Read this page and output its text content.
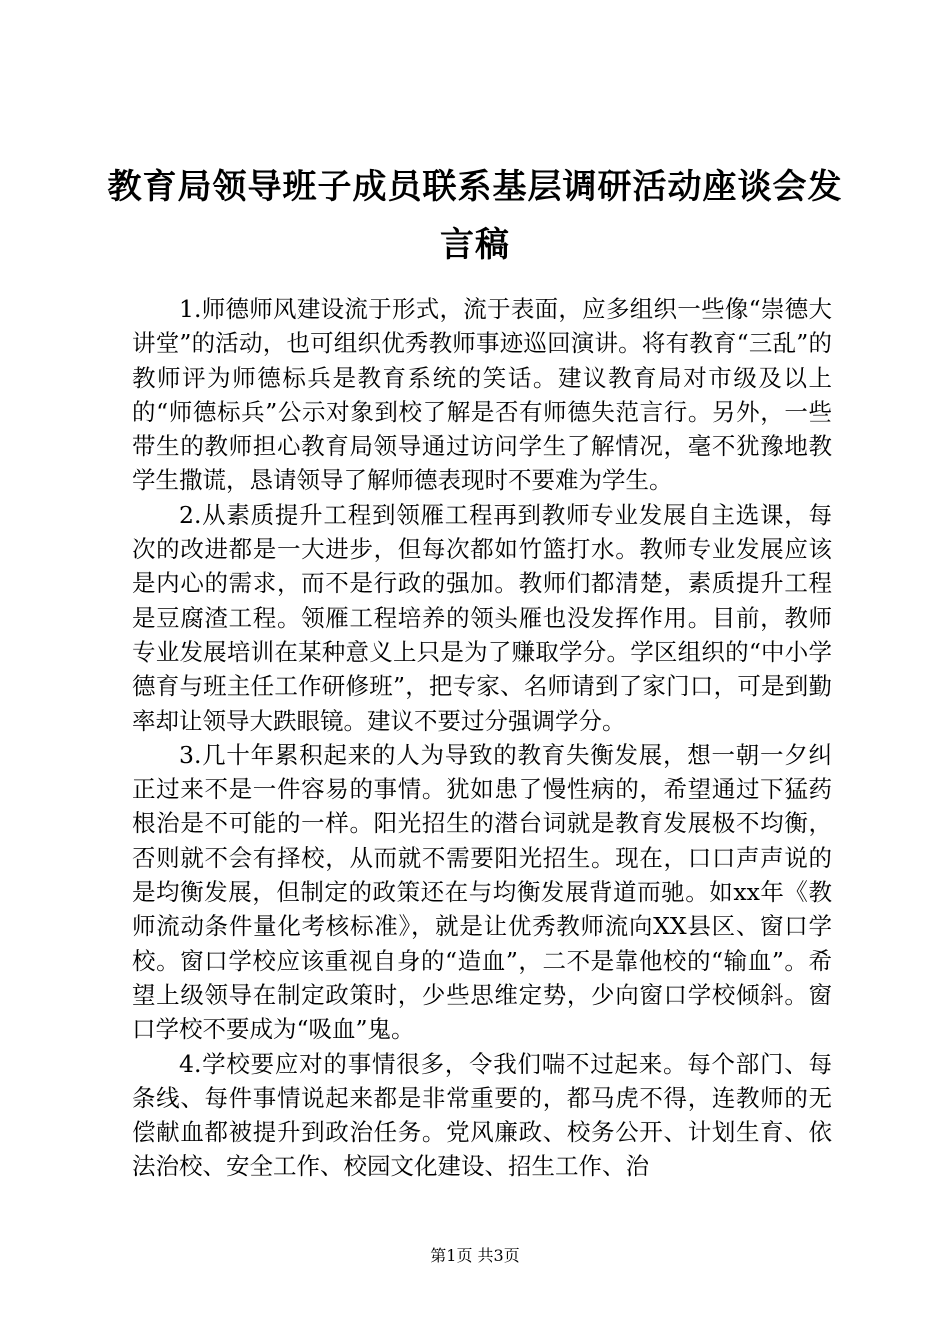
教育局领导班子成员联系基层调研活动座谈会发言稿

1.师德师风建设流于形式，流于表面，应多组织一些像“崇德大讲堂”的活动，也可组织优秀教师事迹巡回演讲。将有教育“三乱”的教师评为师德标兵是教育系统的笑话。建议教育局对市级及以上的“师德标兵”公示对象到校了解是否有师德失范言行。另外，一些带生的教师担心教育局领导通过访问学生了解情况，毫不犹豫地教学生撒谎，恳请领导了解师德表现时不要难为学生。

2.从素质提升工程到领雁工程再到教师专业发展自主选课，每次的改进都是一大进步，但每次都如竹篮打水。教师专业发展应该是内心的需求，而不是行政的强加。教师们都清楚，素质提升工程是豆腐渣工程。领雁工程培养的领头雁也没发挥作用。目前，教师专业发展培训在某种意义上只是为了赚取学分。学区组织的“中小学德育与班主任工作研修班”，把专家、名师请到了家门口，可是到勤率却让领导大跌眼镜。建议不要过分强调学分。

3.几十年累积起来的人为导致的教育失衡发展，想一朝一夕纠正过来不是一件容易的事情。犹如患了慢性病的，希望通过下猛药根治是不可能的一样。阳光招生的潜台词就是教育发展极不均衡，否则就不会有择校，从而就不需要阳光招生。现在，口口声声说的是均衡发展，但制定的政策还在与均衡发展背道而驰。如xx年《教师流动条件量化考核标准》，就是让优秀教师流向XX县区、窗口学校。窗口学校应该重视自身的“造血”，二不是靠他校的“输血”。希望上级领导在制定政策时，少些思维定势，少向窗口学校倾斜。窗口学校不要成为“吸血”鬼。

4.学校要应对的事情很多，令我们喘不过起来。每个部门、每条线、每件事情说起来都是非常重要的，都马虎不得，连教师的无偿献血都被提升到政治任务。党风廉政、校务公开、计划生育、依法治校、安全工作、校园文化建设、招生工作、治

第1页 共3页
